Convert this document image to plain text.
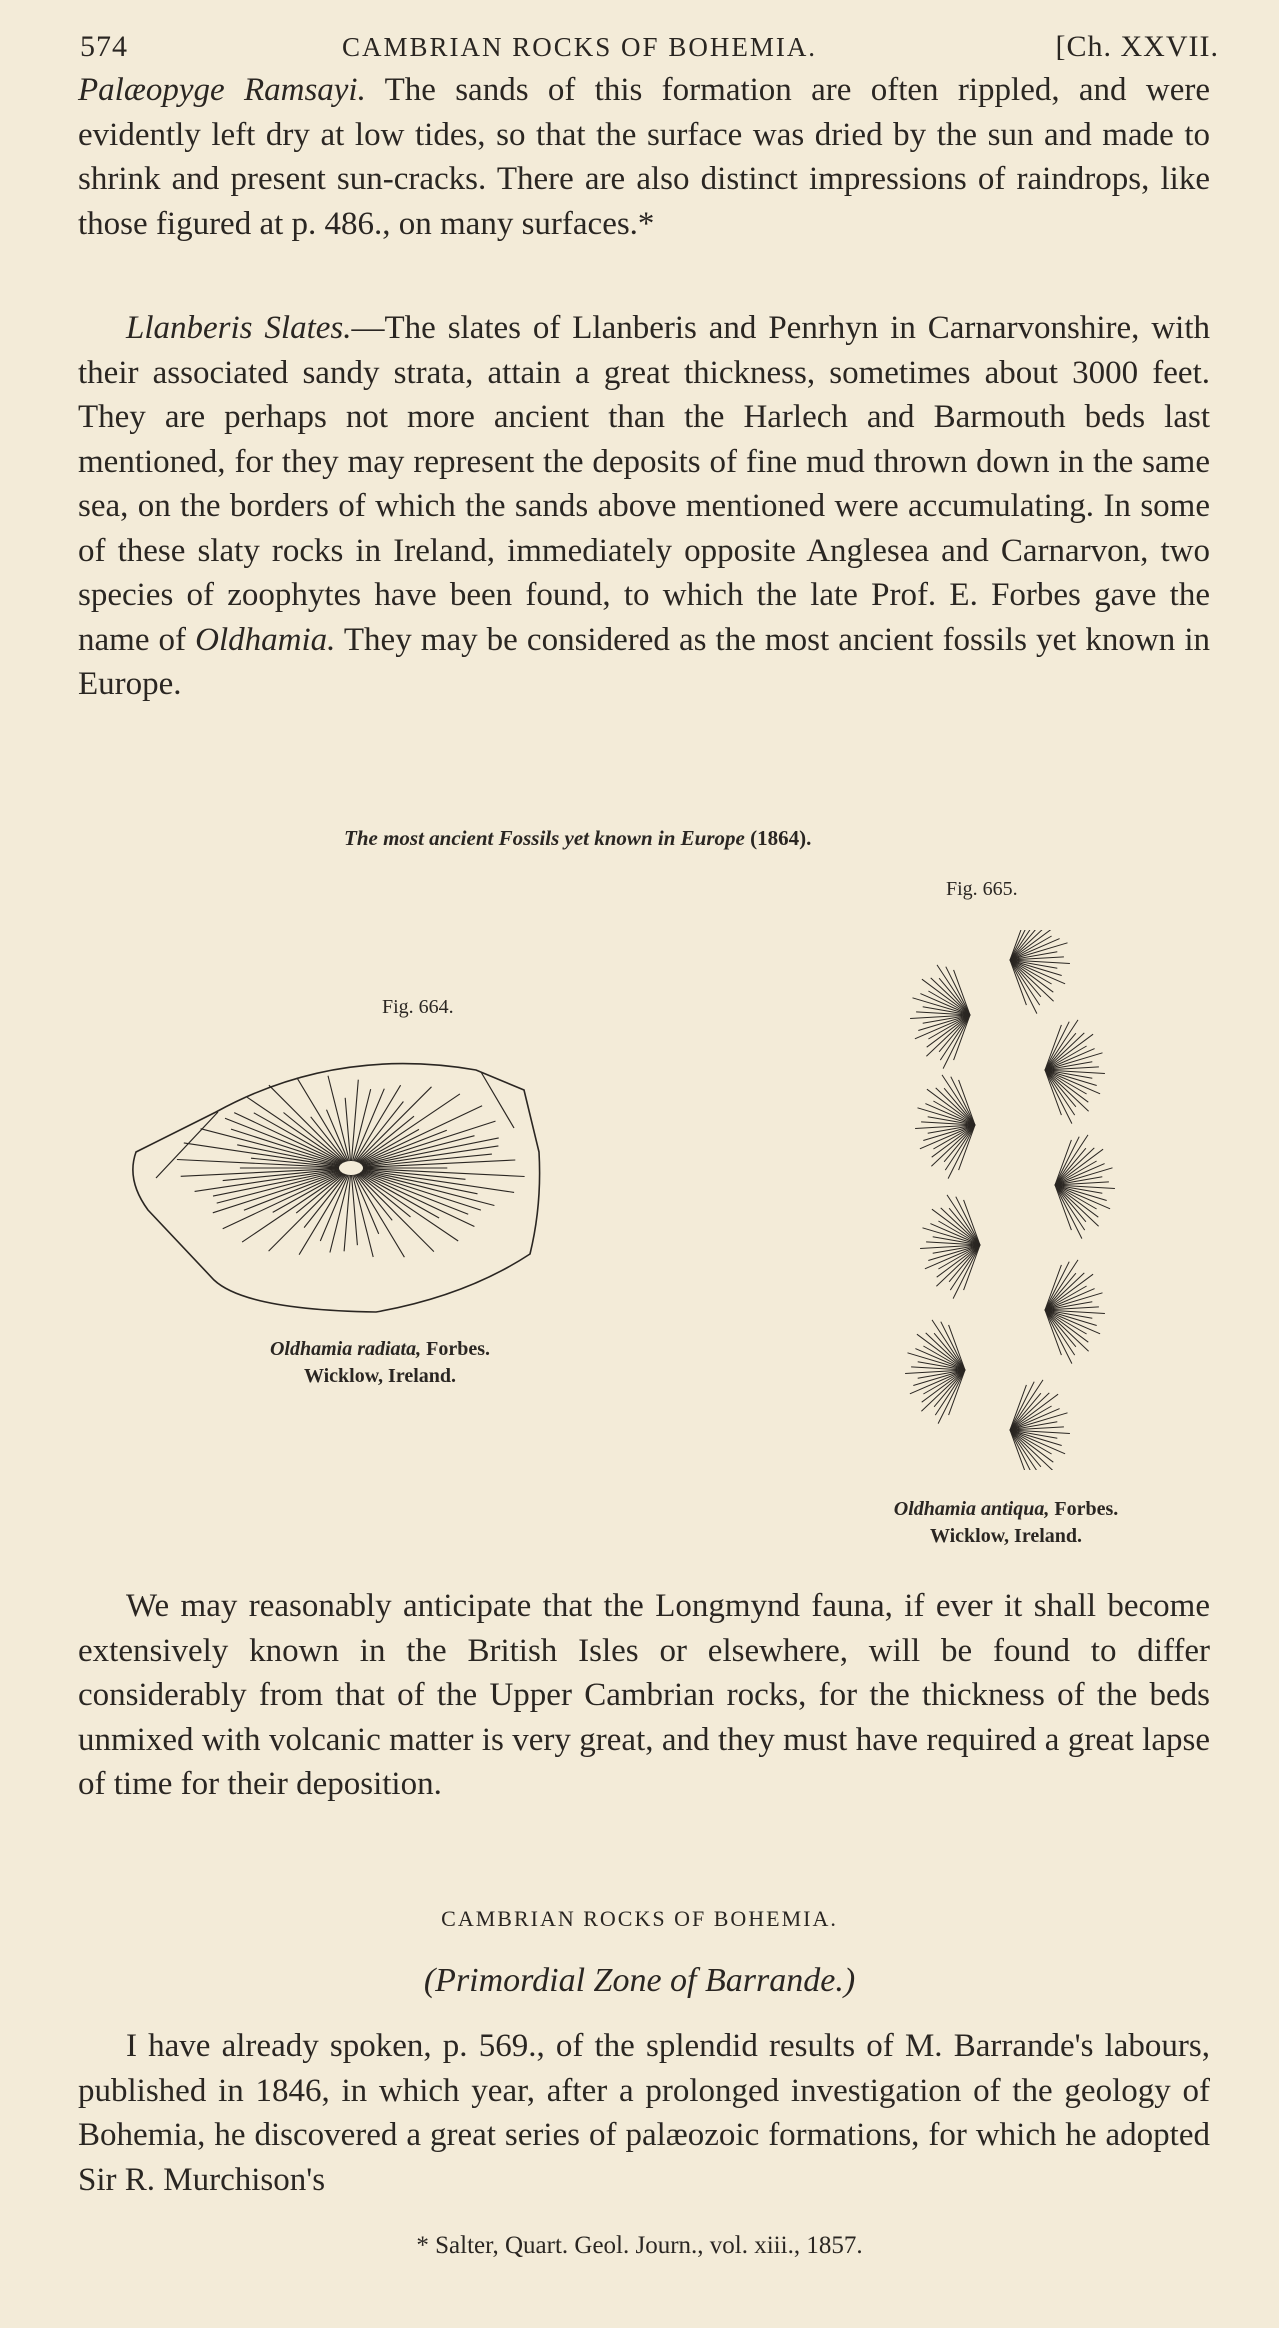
574	CAMBRIAN ROCKS OF BOHEMIA.	[Ch. XXVII.

Palæopyge Ramsayi. The sands of this formation are often rippled, and were evidently left dry at low tides, so that the surface was dried by the sun and made to shrink and present sun-cracks. There are also distinct impressions of raindrops, like those figured at p. 486., on many surfaces.*

Llanberis Slates.—The slates of Llanberis and Penrhyn in Carnarvonshire, with their associated sandy strata, attain a great thickness, sometimes about 3000 feet. They are perhaps not more ancient than the Harlech and Barmouth beds last mentioned, for they may represent the deposits of fine mud thrown down in the same sea, on the borders of which the sands above mentioned were accumulating. In some of these slaty rocks in Ireland, immediately opposite Anglesea and Carnarvon, two species of zoophytes have been found, to which the late Prof. E. Forbes gave the name of Oldhamia. They may be considered as the most ancient fossils yet known in Europe.

The most ancient Fossils yet known in Europe (1864).
Fig. 664.
Fig. 665.
Oldhamia radiata, Forbes.
Wicklow, Ireland.
Oldhamia antiqua, Forbes.
Wicklow, Ireland.

We may reasonably anticipate that the Longmynd fauna, if ever it shall become extensively known in the British Isles or elsewhere, will be found to differ considerably from that of the Upper Cambrian rocks, for the thickness of the beds unmixed with volcanic matter is very great, and they must have required a great lapse of time for their deposition.

CAMBRIAN ROCKS OF BOHEMIA.
(Primordial Zone of Barrande.)

I have already spoken, p. 569., of the splendid results of M. Barrande's labours, published in 1846, in which year, after a prolonged investigation of the geology of Bohemia, he discovered a great series of palæozoic formations, for which he adopted Sir R. Murchison's

* Salter, Quart. Geol. Journ., vol. xiii., 1857.
